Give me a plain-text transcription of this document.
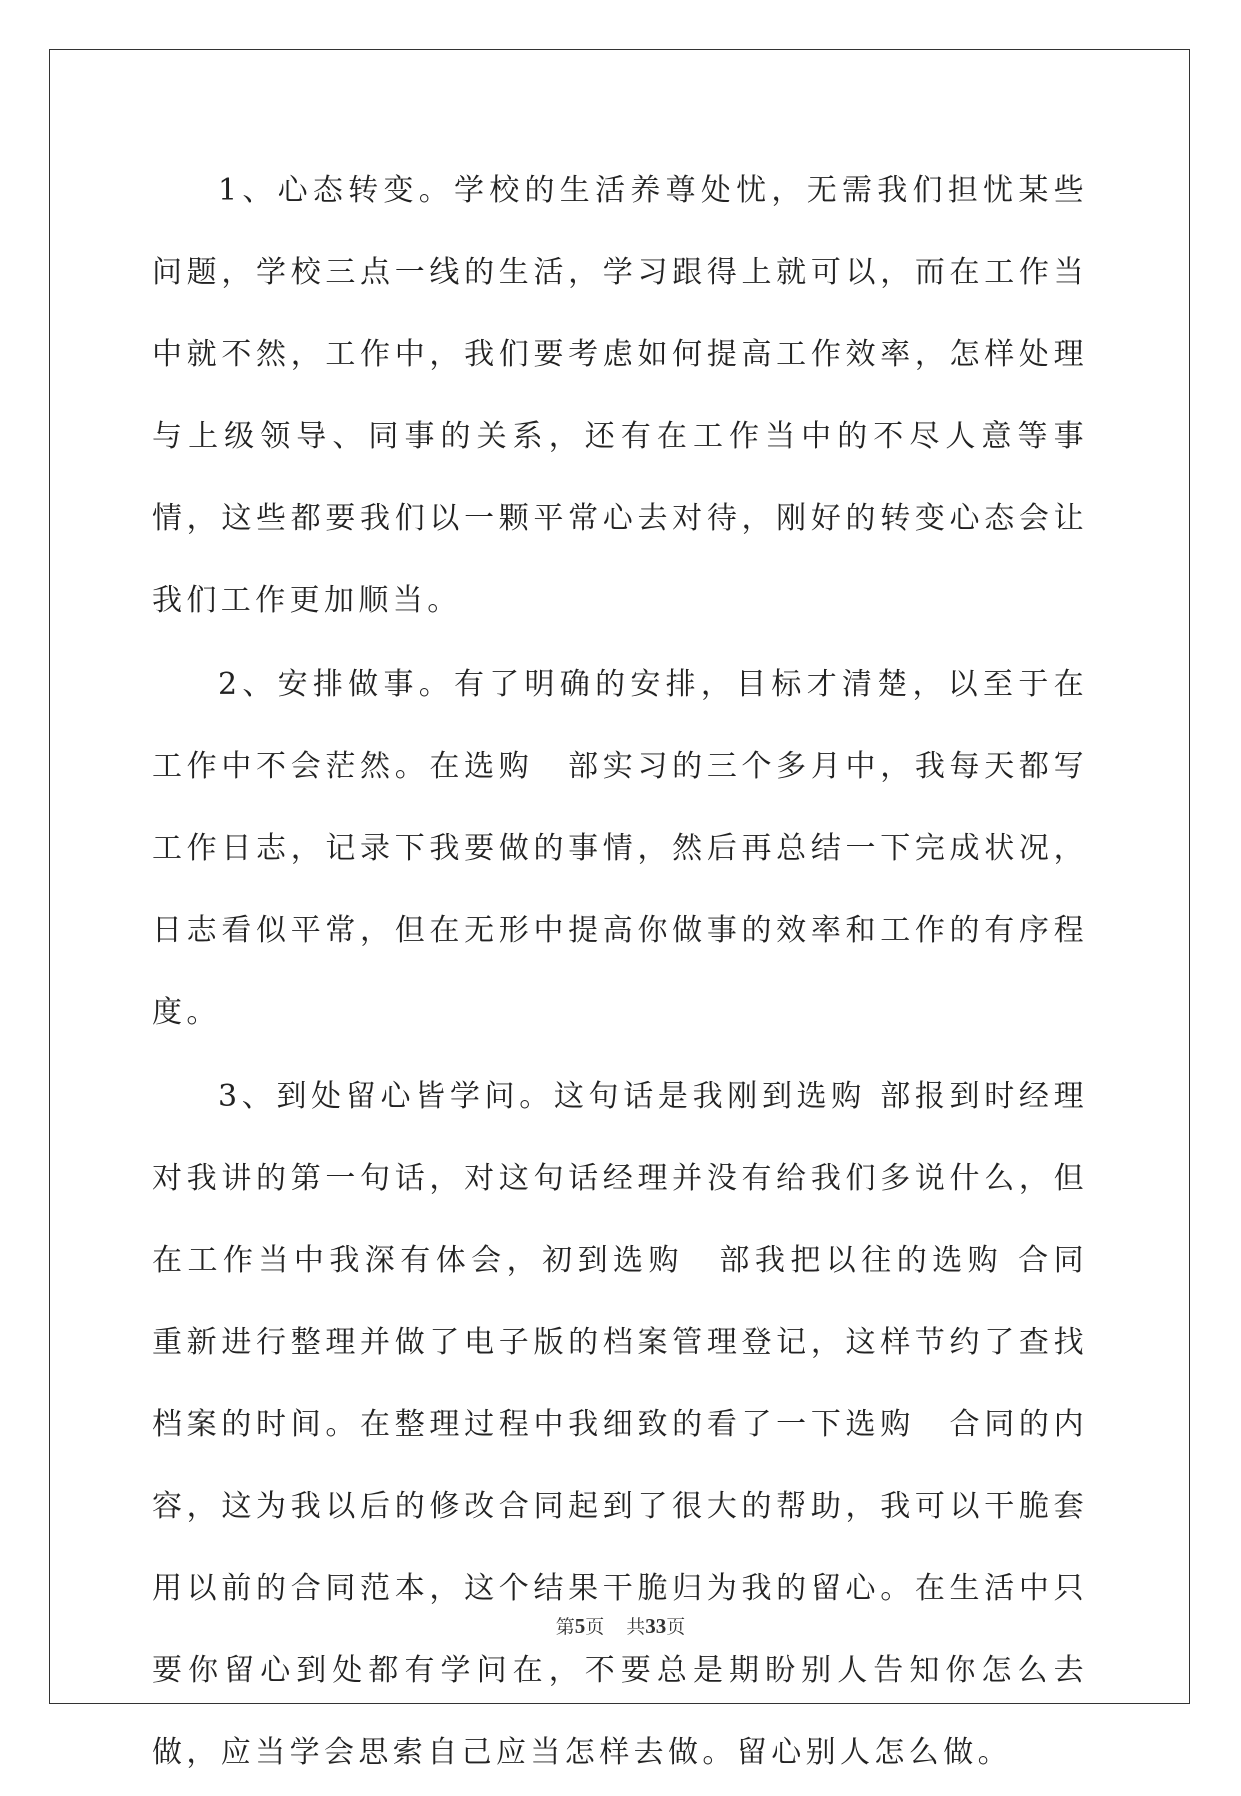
1、心态转变。学校的生活养尊处忧，无需我们担忧某些问题，学校三点一线的生活，学习跟得上就可以，而在工作当中就不然，工作中，我们要考虑如何提高工作效率，怎样处理与上级领导、同事的关系，还有在工作当中的不尽人意等事情，这些都要我们以一颗平常心去对待，刚好的转变心态会让我们工作更加顺当。

2、安排做事。有了明确的安排，目标才清楚，以至于在工作中不会茫然。在选购　部实习的三个多月中，我每天都写工作日志，记录下我要做的事情，然后再总结一下完成状况，日志看似平常，但在无形中提高你做事的效率和工作的有序程度。

3、到处留心皆学问。这句话是我刚到选购 部报到时经理对我讲的第一句话，对这句话经理并没有给我们多说什么，但在工作当中我深有体会，初到选购　部我把以往的选购 合同重新进行整理并做了电子版的档案管理登记，这样节约了查找档案的时间。在整理过程中我细致的看了一下选购　合同的内容，这为我以后的修改合同起到了很大的帮助，我可以干脆套用以前的合同范本，这个结果干脆归为我的留心。在生活中只要你留心到处都有学问在，不要总是期盼别人告知你怎么去做，应当学会思索自己应当怎样去做。留心别人怎么做。

第5页 共33页
